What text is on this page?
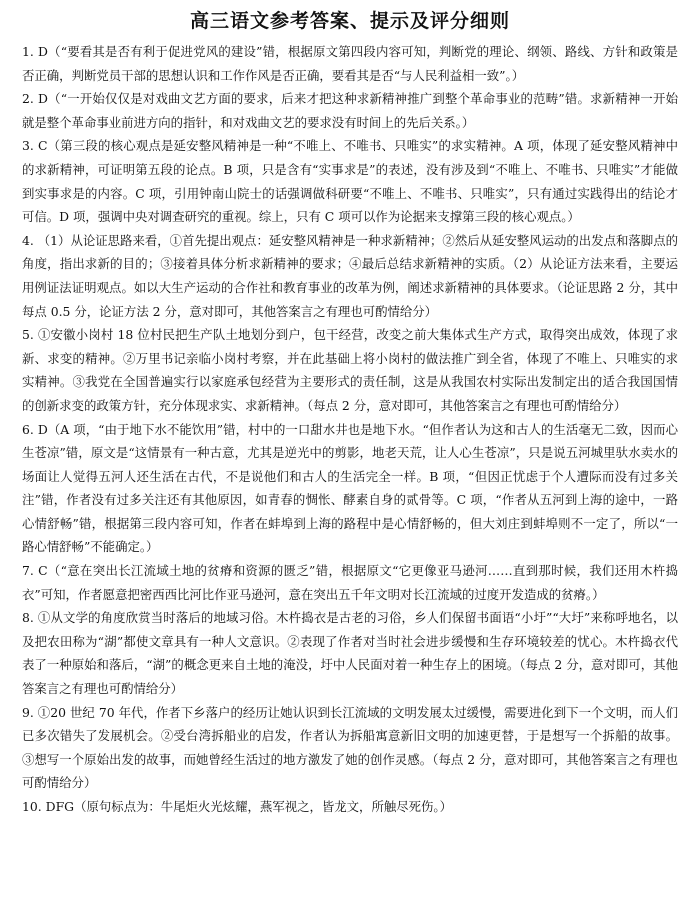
高三语文参考答案、提示及评分细则

1. D（“要看其是否有利于促进党风的建设”错，根据原文第四段内容可知，判断党的理论、纲领、路线、方针和政策是否正确，判断党员干部的思想认识和工作作风是否正确，要看其是否“与人民利益相一致”。）

2. D（“一开始仅仅是对戏曲文艺方面的要求，后来才把这种求新精神推广到整个革命事业的范畴”错。求新精神一开始就是整个革命事业前进方向的指针，和对戏曲文艺的要求没有时间上的先后关系。）

3. C（第三段的核心观点是延安整风精神是一种“不唯上、不唯书、只唯实”的求实精神。A 项，体现了延安整风精神中的求新精神，可证明第五段的论点。B 项，只是含有“实事求是”的表述，没有涉及到“不唯上、不唯书、只唯实”才能做到实事求是的内容。C 项，引用钟南山院士的话强调做科研要“不唯上、不唯书、只唯实”，只有通过实践得出的结论才可信。D 项，强调中央对调查研究的重视。综上，只有 C 项可以作为论据来支撑第三段的核心观点。）

4. （1）从论证思路来看，①首先提出观点：延安整风精神是一种求新精神；②然后从延安整风运动的出发点和落脚点的角度，指出求新的目的；③接着具体分析求新精神的要求；④最后总结求新精神的实质。（2）从论证方法来看，主要运用例证法证明观点。如以大生产运动的合作社和教育事业的改革为例，阐述求新精神的具体要求。（论证思路 2 分，其中每点 0.5 分，论证方法 2 分，意对即可，其他答案言之有理也可酌情给分）

5. ①安徽小岗村 18 位村民把生产队土地划分到户，包干经营，改变之前大集体式生产方式，取得突出成效，体现了求新、求变的精神。②万里书记亲临小岗村考察，并在此基础上将小岗村的做法推广到全省，体现了不唯上、只唯实的求实精神。③我党在全国普遍实行以家庭承包经营为主要形式的责任制，这是从我国农村实际出发制定出的适合我国国情的创新求变的政策方针，充分体现求实、求新精神。（每点 2 分，意对即可，其他答案言之有理也可酌情给分）

6. D（A 项，“由于地下水不能饮用”错，村中的一口甜水井也是地下水。“但作者认为这和古人的生活毫无二致，因而心生苍凉”错，原文是“这情景有一种古意，尤其是逆光中的剪影，地老天荒，让人心生苍凉”，只是说五河城里驮水卖水的场面让人觉得五河人还生活在古代，不是说他们和古人的生活完全一样。B 项，“但因正忧虑于个人遭际而没有过多关注”错，作者没有过多关注还有其他原因，如青春的惆怅、酵素自身的贰骨等。C 项，“作者从五河到上海的途中，一路心情舒畅”错，根据第三段内容可知，作者在蚌埠到上海的路程中是心情舒畅的，但大刘庄到蚌埠则不一定了，所以“一路心情舒畅”不能确定。）

7. C（“意在突出长江流域土地的贫瘠和资源的匮乏”错，根据原文“它更像亚马逊河……直到那时候，我们还用木杵捣衣”可知，作者愿意把密西西比河比作亚马逊河，意在突出五千年文明对长江流域的过度开发造成的贫瘠。）

8. ①从文学的角度欣赏当时落后的地域习俗。木杵捣衣是古老的习俗，乡人们保留书面语“小圩”“大圩”来称呼地名，以及把农田称为“湖”都使文章具有一种人文意识。②表现了作者对当时社会进步缓慢和生存环境较差的忧心。木杵捣衣代表了一种原始和落后，“湖”的概念更来自土地的淹没，圩中人民面对着一种生存上的困境。（每点 2 分，意对即可，其他答案言之有理也可酌情给分）

9. ①20 世纪 70 年代，作者下乡落户的经历让她认识到长江流域的文明发展太过缓慢，需要进化到下一个文明，而人们已多次错失了发展机会。②受台湾拆船业的启发，作者认为拆船寓意新旧文明的加速更替，于是想写一个拆船的故事。③想写一个原始出发的故事，而她曾经生活过的地方激发了她的创作灵感。（每点 2 分，意对即可，其他答案言之有理也可酌情给分）

10. DFG（原句标点为：牛尾炬火光炫耀，燕军视之，皆龙文，所触尽死伤。）
